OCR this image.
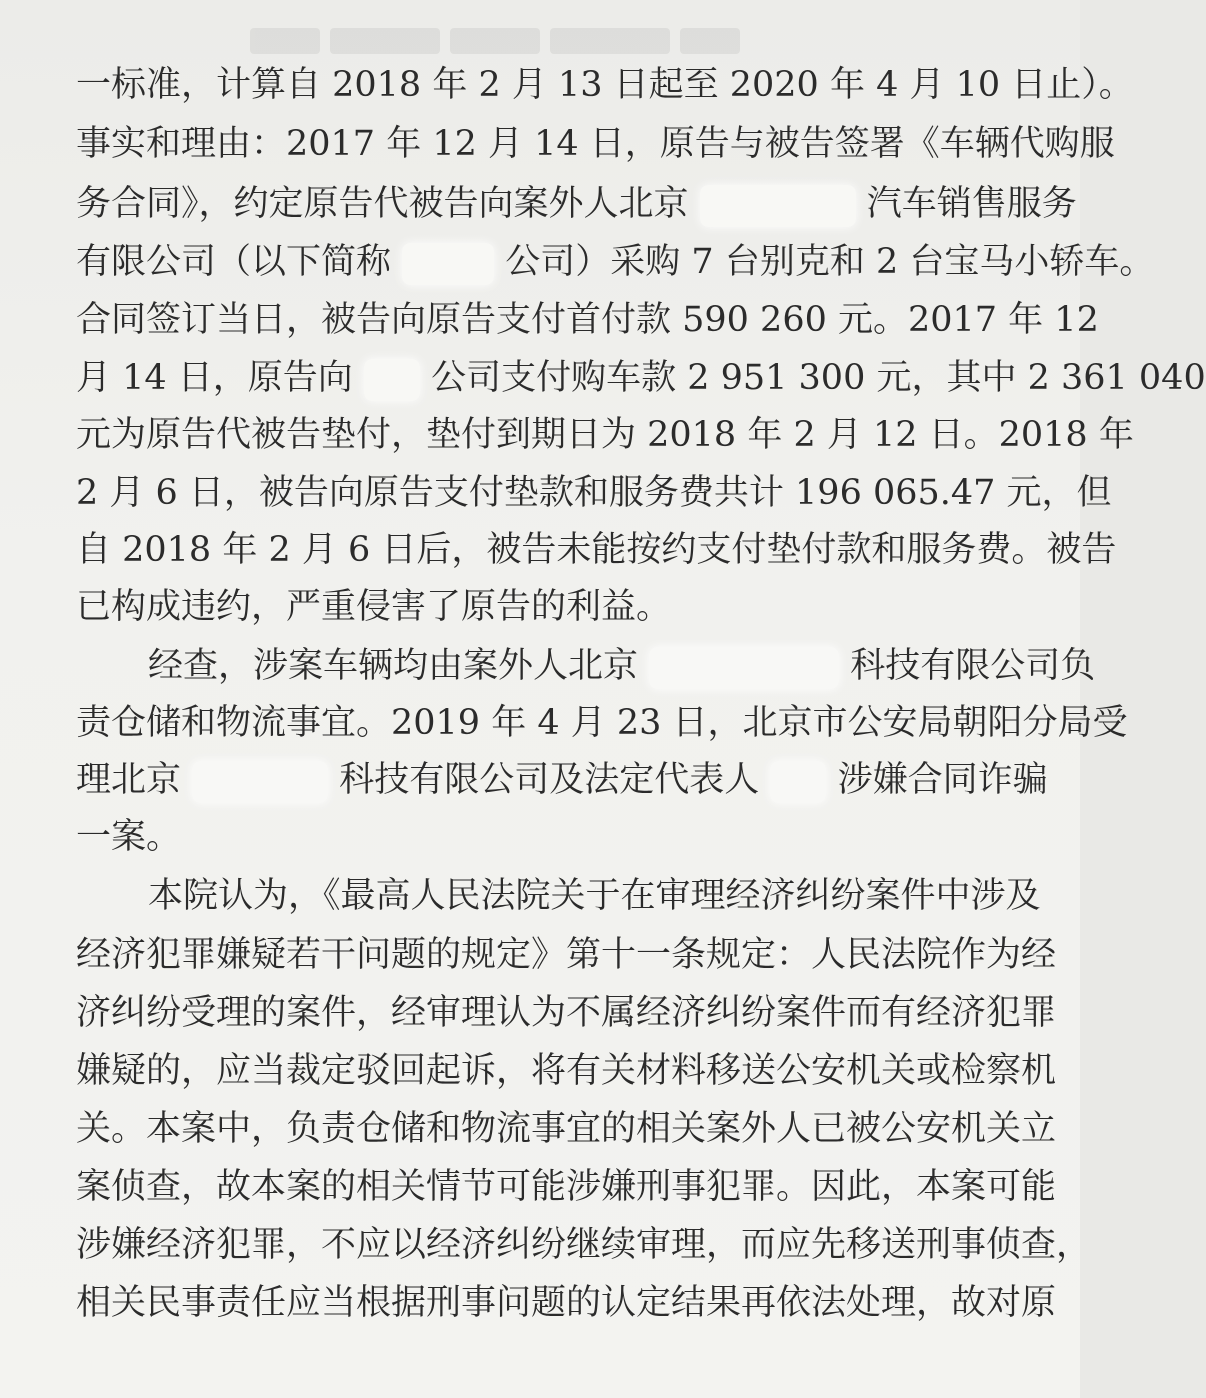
一标准，计算自 2018 年 2 月 13 日起至 2020 年 4 月 10 日止）。
事实和理由：2017 年 12 月 14 日，原告与被告签署《车辆代购服
务合同》，约定原告代被告向案外人北京	汽车销售服务
有限公司（以下简称	公司）采购 7 台别克和 2 台宝马小轿车。
合同签订当日，被告向原告支付首付款 590 260 元。2017 年 12
月 14 日，原告向 公司支付购车款 2 951 300 元，其中 2 361 040
元为原告代被告垫付，垫付到期日为 2018 年 2 月 12 日。2018 年
2 月 6 日，被告向原告支付垫款和服务费共计 196 065.47 元，但
自 2018 年 2 月 6 日后，被告未能按约支付垫付款和服务费。被告
已构成违约，严重侵害了原告的利益。
经查，涉案车辆均由案外人北京	科技有限公司负
责仓储和物流事宜。2019 年 4 月 23 日，北京市公安局朝阳分局受
理北京	科技有限公司及法定代表人 涉嫌合同诈骗
一案。
本院认为，《最高人民法院关于在审理经济纠纷案件中涉及
经济犯罪嫌疑若干问题的规定》第十一条规定：人民法院作为经
济纠纷受理的案件，经审理认为不属经济纠纷案件而有经济犯罪
嫌疑的，应当裁定驳回起诉，将有关材料移送公安机关或检察机
关。本案中，负责仓储和物流事宜的相关案外人已被公安机关立
案侦查，故本案的相关情节可能涉嫌刑事犯罪。因此，本案可能
涉嫌经济犯罪，不应以经济纠纷继续审理，而应先移送刑事侦查，
相关民事责任应当根据刑事问题的认定结果再依法处理，故对原
